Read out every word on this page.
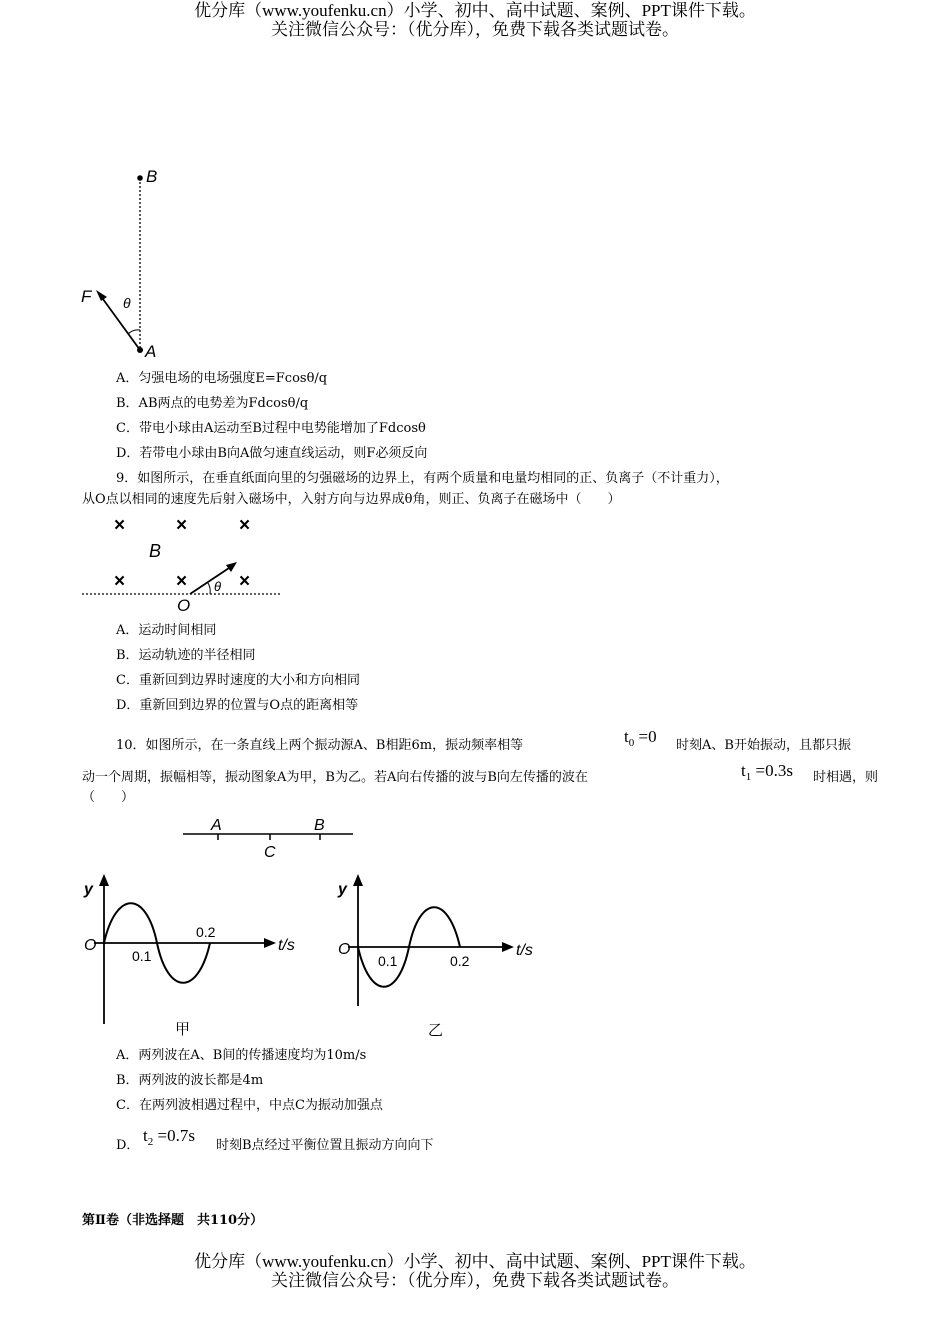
优分库（www.youfenku.cn）小学、初中、高中试题、案例、PPT课件下载。
关注微信公众号：（优分库），免费下载各类试题试卷。
B
A
F θ
A．匀强电场的电场强度E=Fcosθ/q
B．AB两点的电势差为Fdcosθ/q
C．带电小球由A运动至B过程中电势能增加了Fdcosθ
D．若带电小球由B向A做匀速直线运动，则F必须反向
9．如图所示，在垂直纸面向里的匀强磁场的边界上，有两个质量和电量均相同的正、负离子（不计重力），
从O点以相同的速度先后射入磁场中，入射方向与边界成θ角，则正、负离子在磁场中（　　）
×	×	×
×	×	×
B
θ
O
A．运动时间相同
B．运动轨迹的半径相同
C．重新回到边界时速度的大小和方向相同
D．重新回到边界的位置与O点的距离相等
10．如图所示，在一条直线上两个振动源A、B相距6m，振动频率相等	$t_0 =0$ 时刻A、B开始振动，且都只振
动一个周期，振幅相等，振动图象A为甲，B为乙。若A向右传播的波与B向左传播的波在	$t_1 =0.3s$ 时相遇，则
（　　）
A	B
C
y
O
0.1
0.2
t/s
甲
y
O
0.1	0.2
t/s
乙
A．两列波在A、B间的传播速度均为10m/s
B．两列波的波长都是4m
C．在两列波相遇过程中，中点C为振动加强点
D．
$t_2 =0.7s$
时刻B点经过平衡位置且振动方向向下
第Ⅱ卷（非选择题　共110分）
优分库（www.youfenku.cn）小学、初中、高中试题、案例、PPT课件下载。
关注微信公众号：（优分库），免费下载各类试题试卷。
